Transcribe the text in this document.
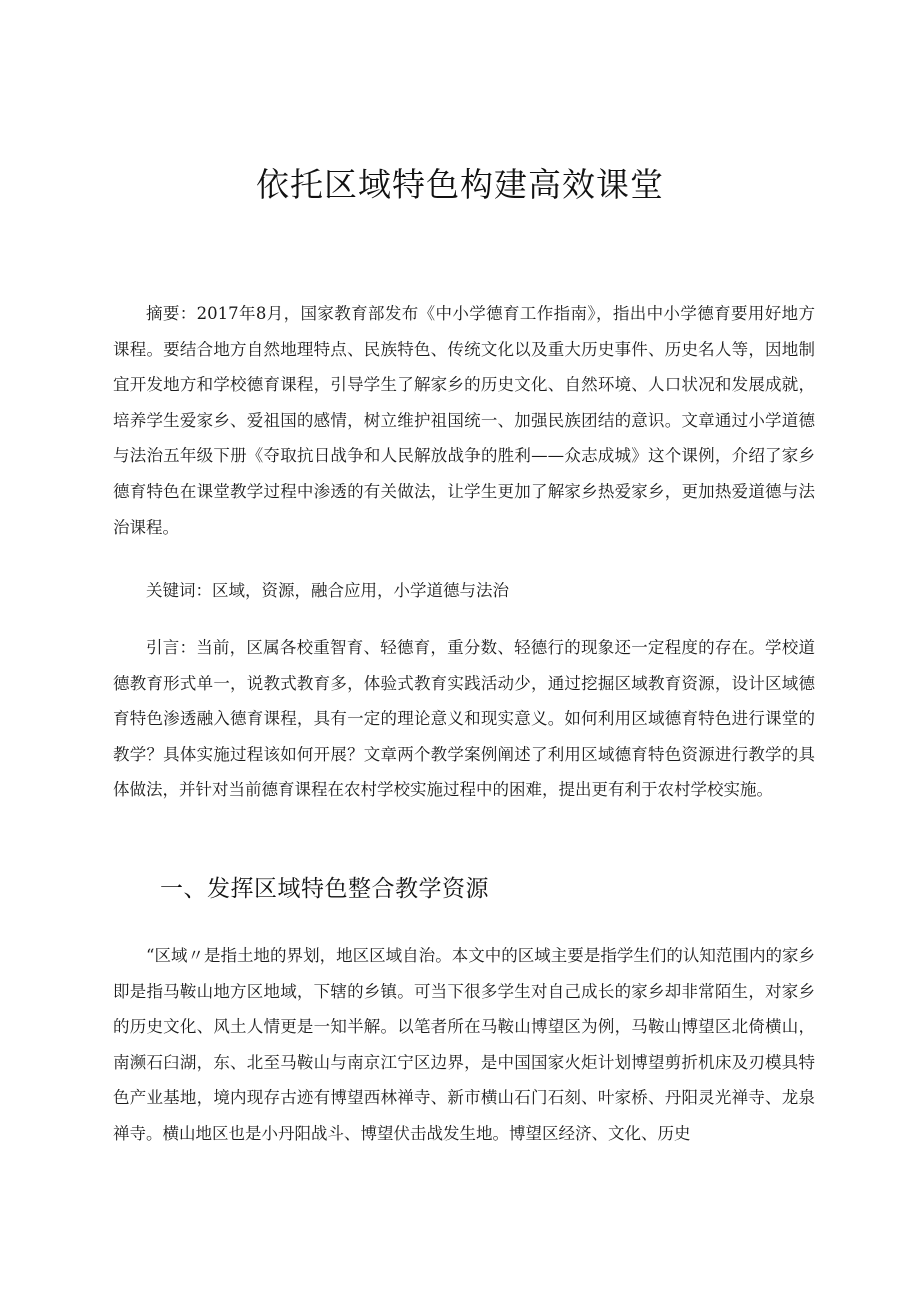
依托区域特色构建高效课堂
摘要：2017年8月，国家教育部发布《中小学德育工作指南》，指出中小学德育要用好地方课程。要结合地方自然地理特点、民族特色、传统文化以及重大历史事件、历史名人等，因地制宜开发地方和学校德育课程，引导学生了解家乡的历史文化、自然环境、人口状况和发展成就，培养学生爱家乡、爱祖国的感情，树立维护祖国统一、加强民族团结的意识。文章通过小学道德与法治五年级下册《夺取抗日战争和人民解放战争的胜利——众志成城》这个课例，介绍了家乡德育特色在课堂教学过程中渗透的有关做法，让学生更加了解家乡热爱家乡，更加热爱道德与法治课程。
关键词：区域，资源，融合应用，小学道德与法治
引言：当前，区属各校重智育、轻德育，重分数、轻德行的现象还一定程度的存在。学校道德教育形式单一，说教式教育多，体验式教育实践活动少，通过挖掘区域教育资源，设计区域德育特色渗透融入德育课程，具有一定的理论意义和现实意义。如何利用区域德育特色进行课堂的教学？具体实施过程该如何开展？文章两个教学案例阐述了利用区域德育特色资源进行教学的具体做法，并针对当前德育课程在农村学校实施过程中的困难，提出更有利于农村学校实施。
一、发挥区域特色整合教学资源
“区域〃是指土地的界划，地区区域自治。本文中的区域主要是指学生们的认知范围内的家乡即是指马鞍山地方区地域，下辖的乡镇。可当下很多学生对自己成长的家乡却非常陌生，对家乡的历史文化、风土人情更是一知半解。以笔者所在马鞍山博望区为例，马鞍山博望区北倚横山，南濒石臼湖，东、北至马鞍山与南京江宁区边界，是中国国家火炬计划博望剪折机床及刃模具特色产业基地，境内现存古迹有博望西林禅寺、新市横山石门石刻、叶家桥、丹阳灵光禅寺、龙泉禅寺。横山地区也是小丹阳战斗、博望伏击战发生地。博望区经济、文化、历史
